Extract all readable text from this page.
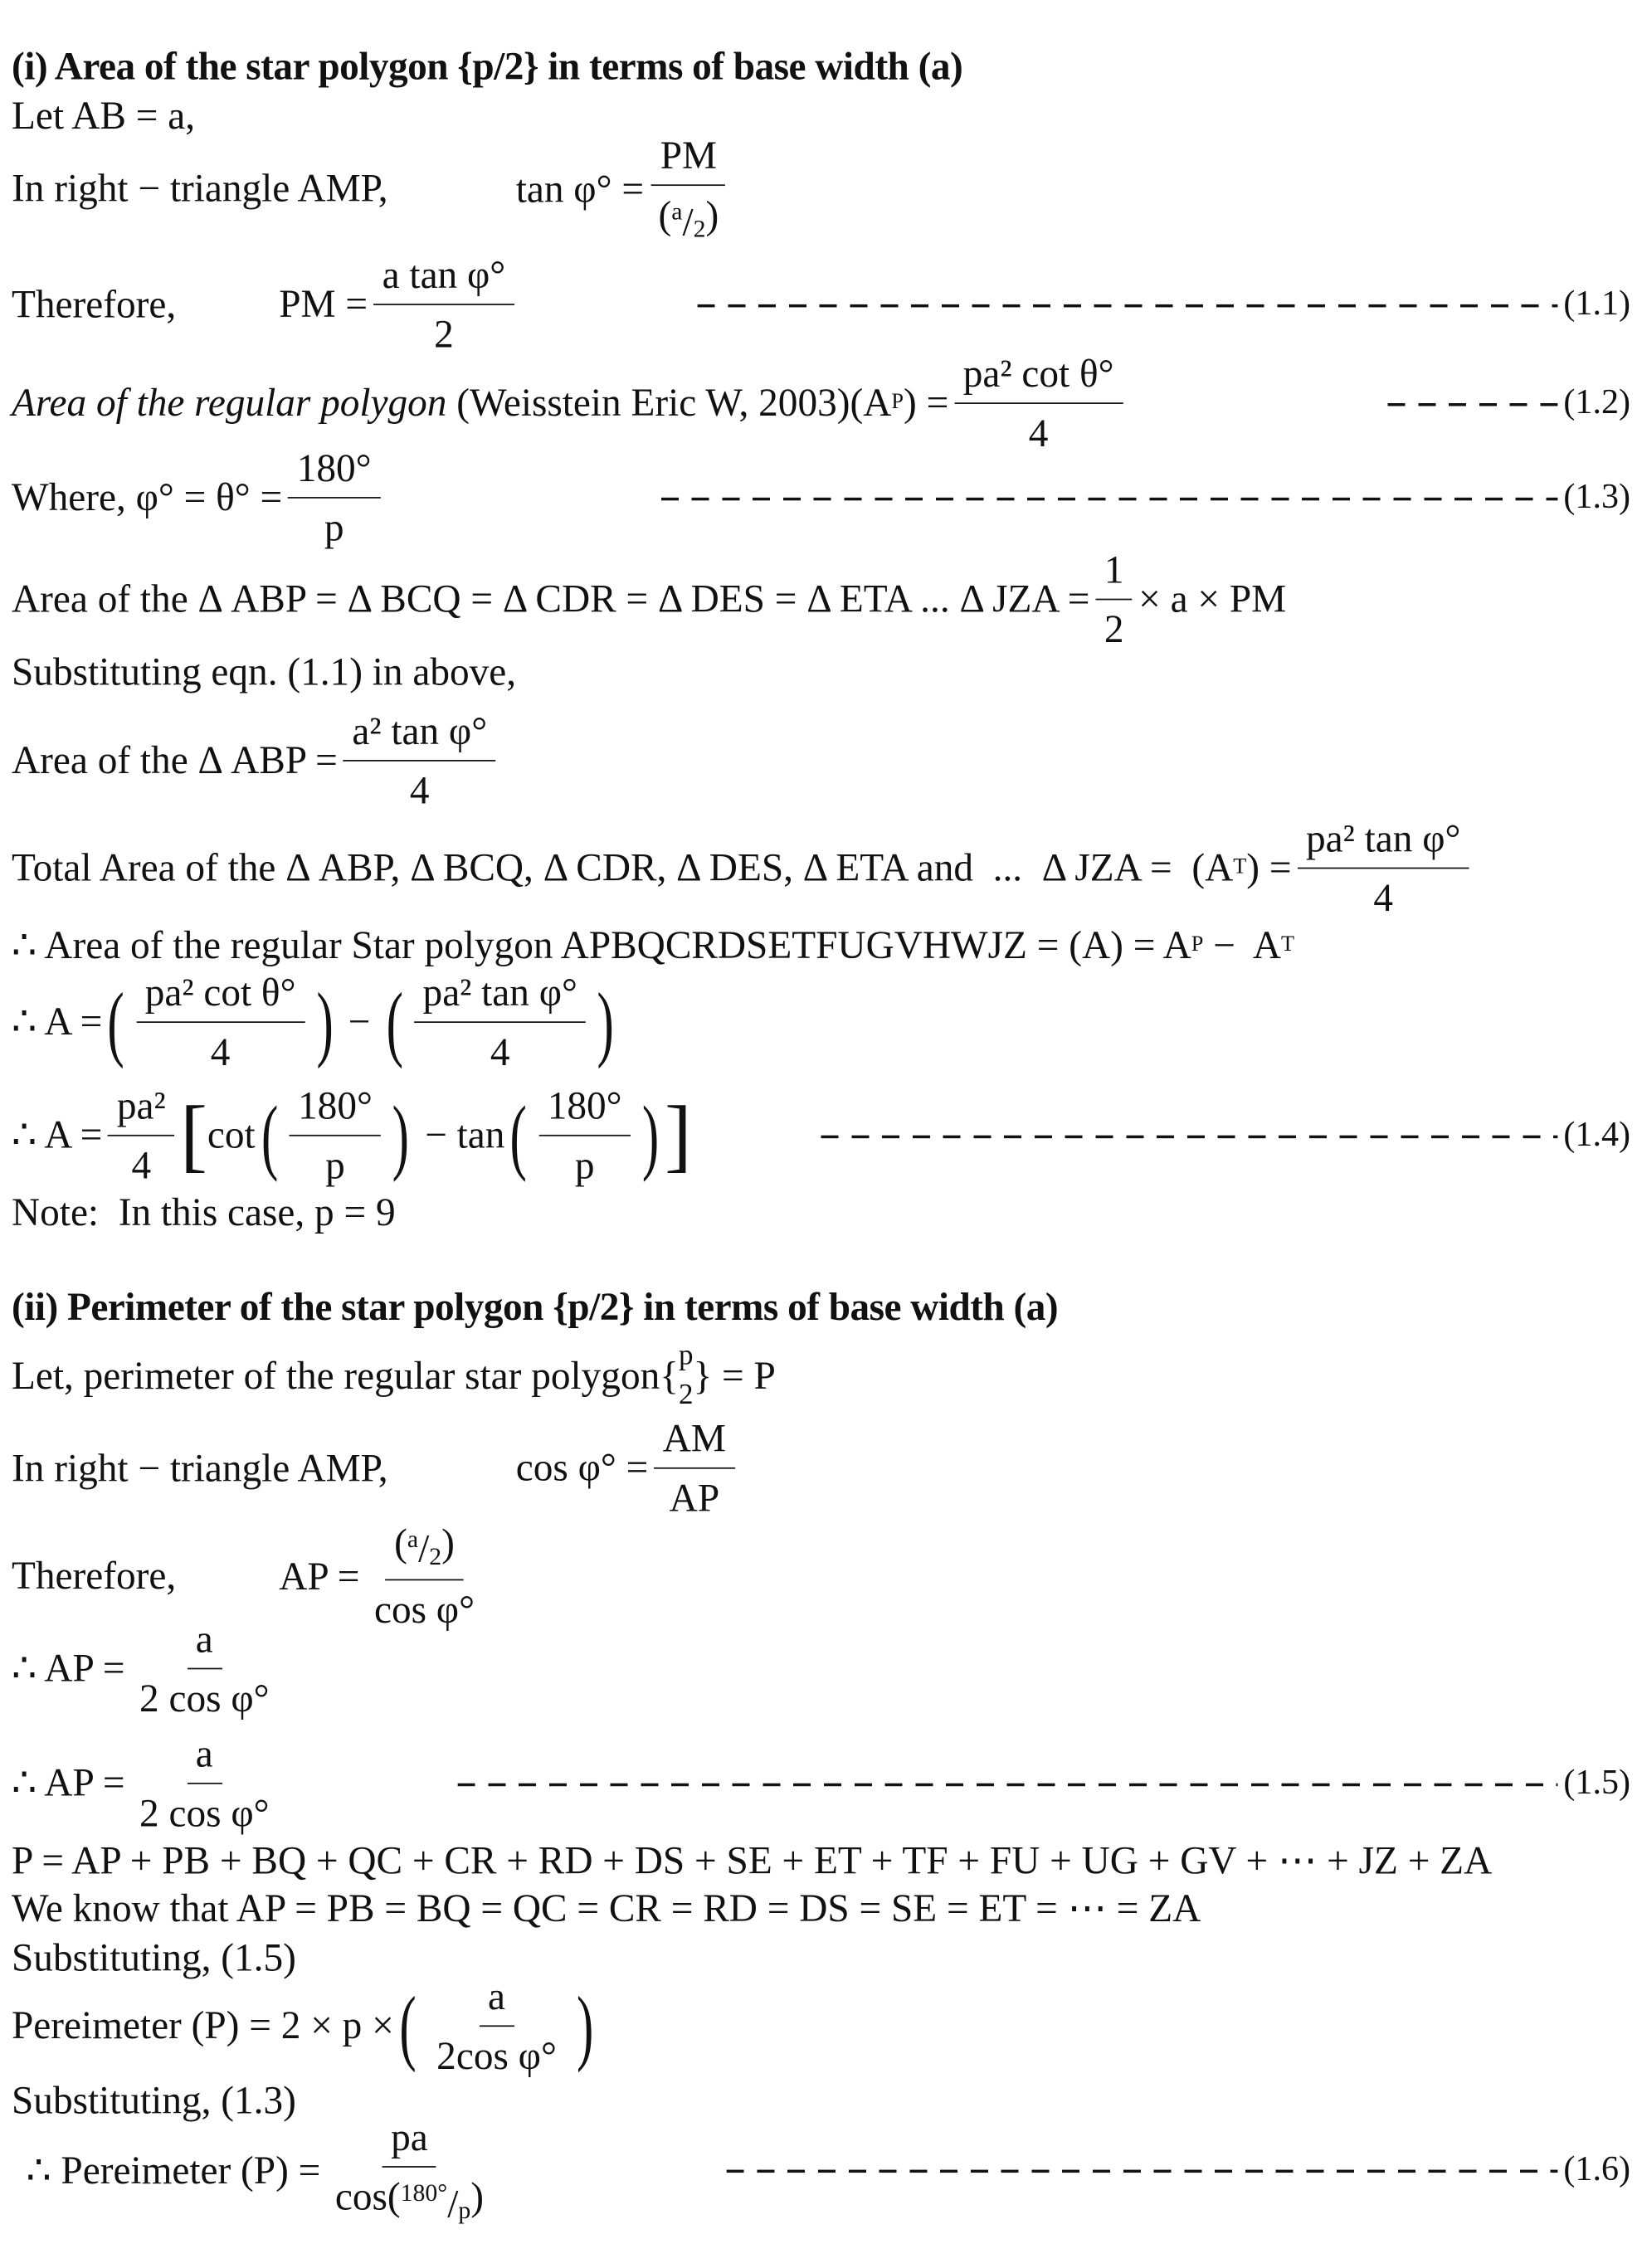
(i) Area of the star polygon {p/2} in terms of base width (a)
Let AB = a,
In right − triangle AMP,	$\tan \varphi^\circ = \frac{PM}{( a / 2 )}$
Therefore,	PM = $\frac{\text{a tan φ°}}{2}$	(1.1)
Area of the regular polygon (Weisstein Eric W, 2003)(A P ) = $\frac{\text{pa² cot θ°}}{4}$	(1.2)
Where, $\varphi^\circ = \theta^\circ = \frac{180^\circ}{p}$	(1.3)
Area of the Δ ABP = Δ BCQ = Δ CDR = Δ DES = Δ ETA ... Δ JZA = $\frac{1}{2} \times a$ × PM
Substituting eqn. (1.1) in above,
Area of the Δ ABP = $\frac{\text{a² tan φ°}}{4}$
Total Area of the Δ ABP, Δ BCQ, Δ CDR, Δ DES, Δ ETA and  ...  Δ JZA =  (A T ) = $\frac{\text{pa² tan φ°}}{4}$
∴ Area of the regular Star polygon APBQCRDSETFUGVHWJZ = (A) = A P −  A T
∴ A = ( $\frac{\text{pa² cot θ°}}{4}$ ) − ( $\frac{\text{pa² tan φ°}}{4}$ )
∴ $A = \frac{\text{pa²}}{4}$ [ cot ( $\frac{180^\circ}{p}$ ) − tan ( $\frac{180^\circ}{p}$ ) ]	(1.4)
Note:  In this case, p = 9
(ii) Perimeter of the star polygon {p/2} in terms of base width (a)
Let, perimeter of the regular star polygon { p
2 } = P
In right − triangle AMP,	$\cos \varphi^\circ = \frac{AM}{AP}$
Therefore,	AP = $\frac{( a / 2 )}{\text{cos φ°}}$
∴ AP = $\frac{a}{\text{2 cos φ°}}$
∴ AP = $\frac{a}{\text{2 cos φ°}}$	(1.5)
P = AP + PB + BQ + QC + CR + RD + DS + SE + ET + TF + FU + UG + GV + ⋯ + JZ + ZA
We know that AP = PB = BQ = QC = CR = RD = DS = SE = ET = ⋯ = ZA
Substituting, (1.5)
Pereimeter (P) = 2 × p × ( $\frac{a}{\text{2cos φ°}}$ )
Substituting, (1.3)
∴ Pereimeter $(P) = \frac{pa}{\cos( 180^\circ / p )}$	(1.6)
